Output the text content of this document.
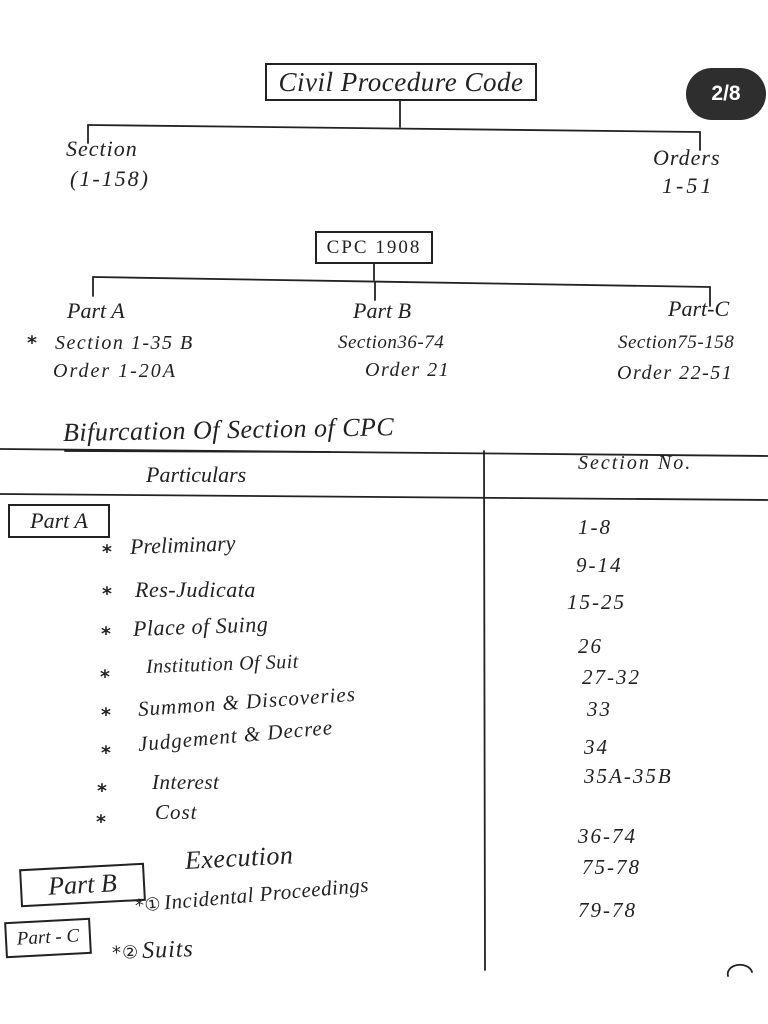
2/8
Civil Procedure Code
Section
(1-158)
Orders
1-51
CPC 1908
Part A
* Section 1-35 B
Order 1-20A
Part B
Section36-74
Order 21
Part-C
Section75-158
Order 22-51
Bifurcation Of Section of CPC
Particulars	Section No.
Part A
* Preliminary
* Res-Judicata
* Place of Suing
* Institution Of Suit
* Summon & Discoveries
* Judgement & Decree
* Interest
* Cost
1-8
9-14
15-25
26
27-32
33
34
35A-35B
36-74
75-78
79-78
Part B
Execution
Part - C
*①Incidental Proceedings
*②Suits
